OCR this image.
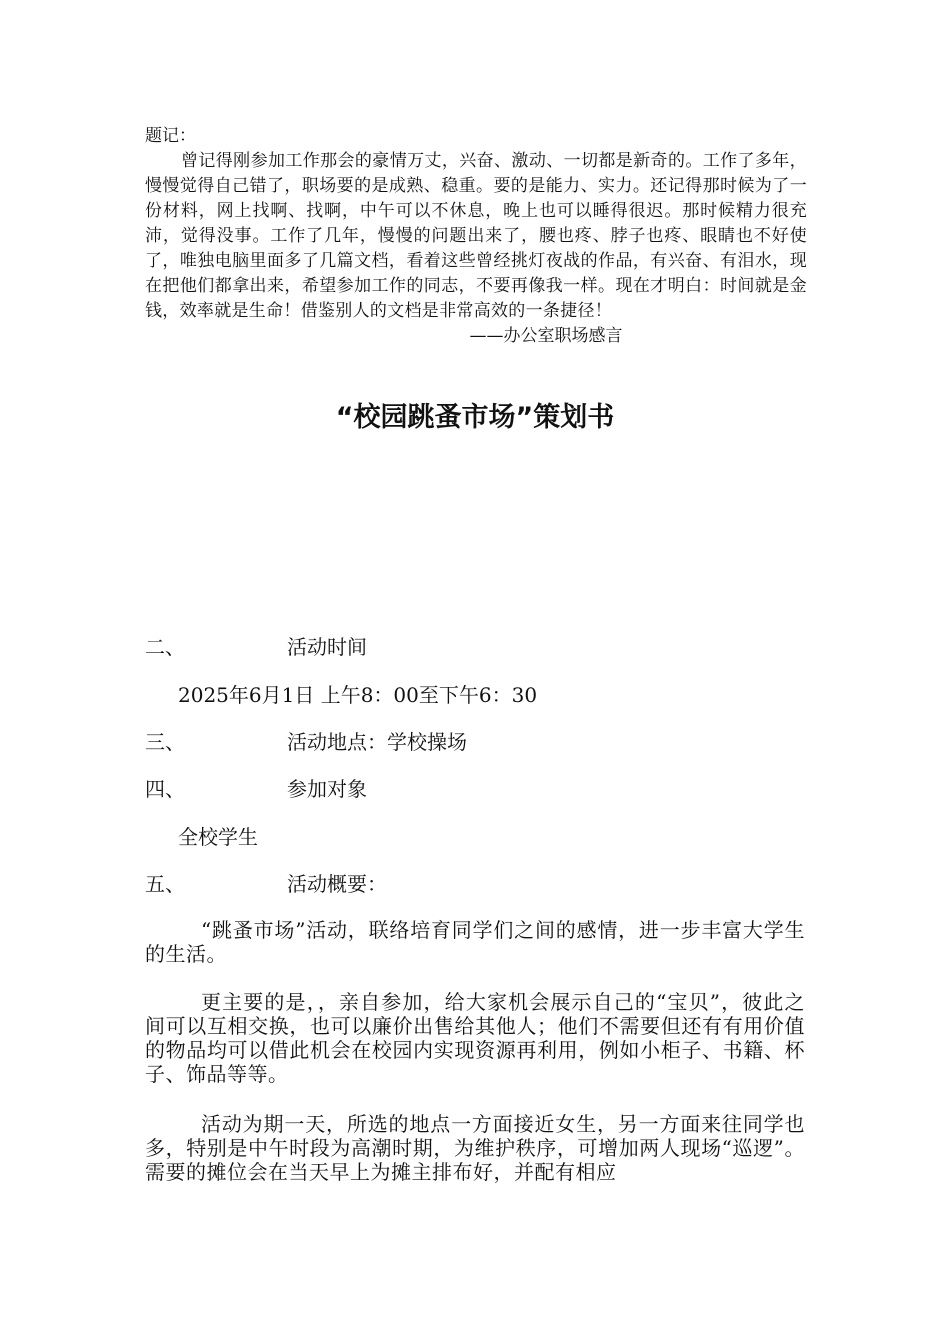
题记：
曾记得刚参加工作那会的豪情万丈，兴奋、激动、一切都是新奇的。工作了多年，慢慢觉得自己错了，职场要的是成熟、稳重。要的是能力、实力。还记得那时候为了一份材料，网上找啊、找啊，中午可以不休息，晚上也可以睡得很迟。那时候精力很充沛，觉得没事。工作了几年，慢慢的问题出来了，腰也疼、脖子也疼、眼睛也不好使了，唯独电脑里面多了几篇文档，看着这些曾经挑灯夜战的作品，有兴奋、有泪水，现在把他们都拿出来，希望参加工作的同志，不要再像我一样。现在才明白：时间就是金钱，效率就是生命！借鉴别人的文档是非常高效的一条捷径！
——办公室职场感言
“校园跳蚤市场”策划书
二、	活动时间
2025年6月1日 上午8：00至下午6：30
三、	活动地点：学校操场
四、	参加对象
全校学生
五、	活动概要：
“跳蚤市场”活动，联络培育同学们之间的感情，进一步丰富大学生的生活。
更主要的是，，亲自参加，给大家机会展示自己的“宝贝”，彼此之间可以互相交换，也可以廉价出售给其他人；他们不需要但还有有用价值的物品均可以借此机会在校园内实现资源再利用，例如小柜子、书籍、杯子、饰品等等。
活动为期一天，所选的地点一方面接近女生，另一方面来往同学也多，特别是中午时段为高潮时期，为维护秩序，可增加两人现场“巡逻”。需要的摊位会在当天早上为摊主排布好，并配有相应
